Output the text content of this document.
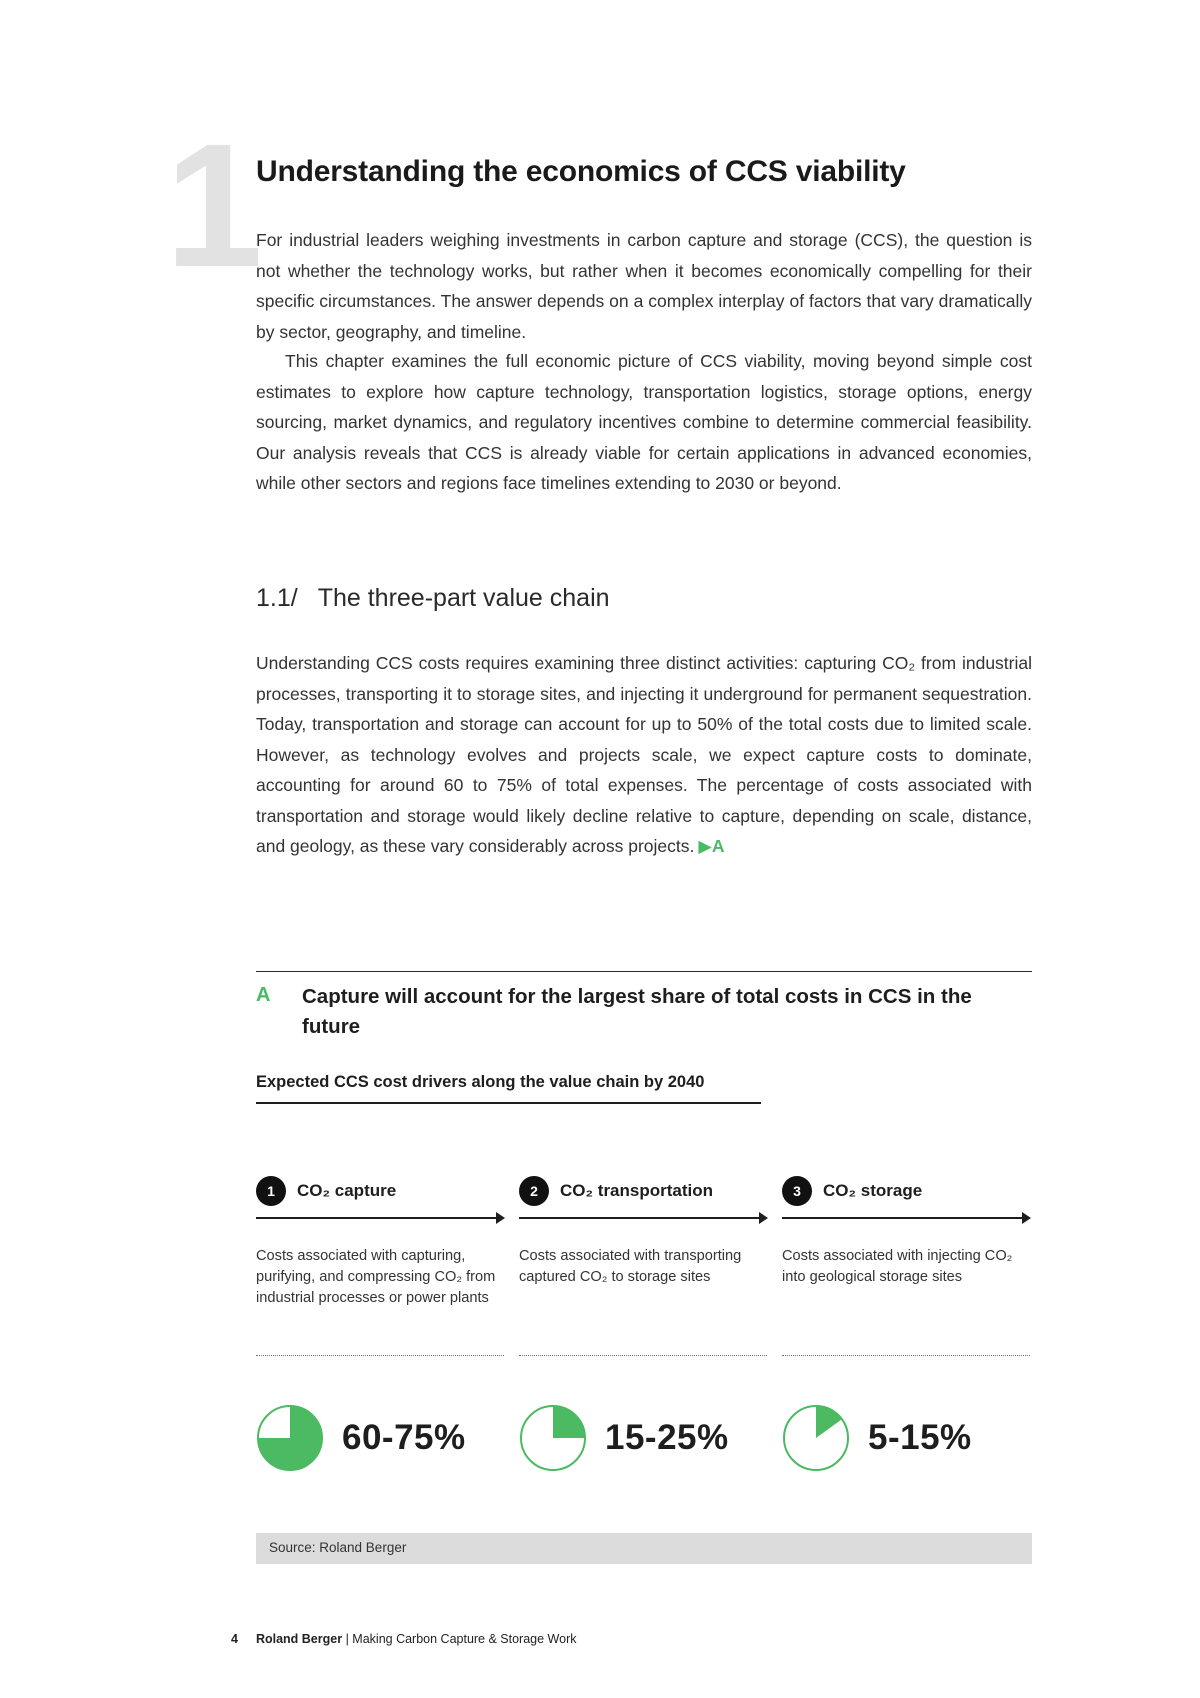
1
Understanding the economics of CCS viability

For industrial leaders weighing investments in carbon capture and storage (CCS), the question is not whether the technology works, but rather when it becomes economically compelling for their specific circumstances. The answer depends on a complex interplay of factors that vary dramatically by sector, geography, and timeline.

This chapter examines the full economic picture of CCS viability, moving beyond simple cost estimates to explore how capture technology, transportation logistics, storage options, energy sourcing, market dynamics, and regulatory incentives combine to determine commercial feasibility. Our analysis reveals that CCS is already viable for certain applications in advanced economies, while other sectors and regions face timelines extending to 2030 or beyond.

1.1/ The three-part value chain

Understanding CCS costs requires examining three distinct activities: capturing CO₂ from industrial processes, transporting it to storage sites, and injecting it underground for permanent sequestration. Today, transportation and storage can account for up to 50% of the total costs due to limited scale. However, as technology evolves and projects scale, we expect capture costs to dominate, accounting for around 60 to 75% of total expenses. The percentage of costs associated with transportation and storage would likely decline relative to capture, depending on scale, distance, and geology, as these vary considerably across projects. ▶A

A Capture will account for the largest share of total costs in CCS in the future
Expected CCS cost drivers along the value chain by 2040
1	CO₂ capture
Costs associated with capturing, purifying, and compressing CO₂ from industrial processes or power plants
2	CO₂ transportation
Costs associated with transporting captured CO₂ to storage sites
3	CO₂ storage
Costs associated with injecting CO₂ into geological storage sites
60-75%	15-25%	5-15%
Source: Roland Berger
4 Roland Berger | Making Carbon Capture & Storage Work
